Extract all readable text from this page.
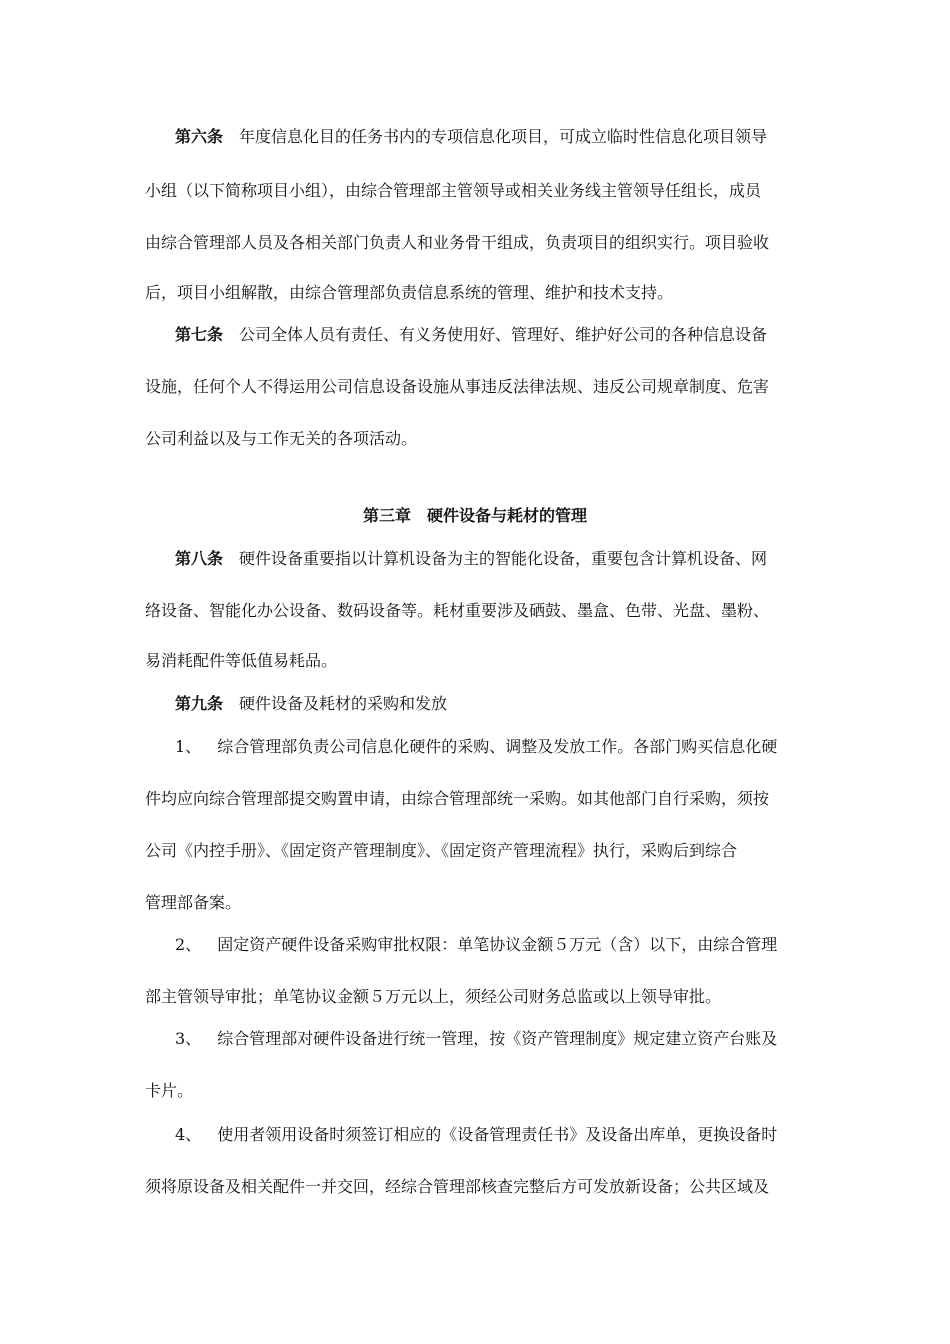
第六条 年度信息化目的任务书内的专项信息化项目，可成立临时性信息化项目领导
小组（以下简称项目小组），由综合管理部主管领导或相关业务线主管领导任组长，成员
由综合管理部人员及各相关部门负责人和业务骨干组成，负责项目的组织实行。项目验收
后，项目小组解散，由综合管理部负责信息系统的管理、维护和技术支持。
第七条 公司全体人员有责任、有义务使用好、管理好、维护好公司的各种信息设备
设施，任何个人不得运用公司信息设备设施从事违反法律法规、违反公司规章制度、危害
公司利益以及与工作无关的各项活动。
第三章　硬件设备与耗材的管理
第八条 硬件设备重要指以计算机设备为主的智能化设备，重要包含计算机设备、网
络设备、智能化办公设备、数码设备等。耗材重要涉及硒鼓、墨盒、色带、光盘、墨粉、
易消耗配件等低值易耗品。
第九条 硬件设备及耗材的采购和发放
1、 综合管理部负责公司信息化硬件的采购、调整及发放工作。各部门购买信息化硬
件均应向综合管理部提交购置申请，由综合管理部统一采购。如其他部门自行采购，须按
公司《内控手册》、《固定资产管理制度》、《固定资产管理流程》执行，采购后到综合
管理部备案。
2、 固定资产硬件设备采购审批权限：单笔协议金额５万元（含）以下，由综合管理
部主管领导审批；单笔协议金额５万元以上，须经公司财务总监或以上领导审批。
3、 综合管理部对硬件设备进行统一管理，按《资产管理制度》规定建立资产台账及
卡片。
4、 使用者领用设备时须签订相应的《设备管理责任书》及设备出库单，更换设备时
须将原设备及相关配件一并交回，经综合管理部核查完整后方可发放新设备；公共区域及
